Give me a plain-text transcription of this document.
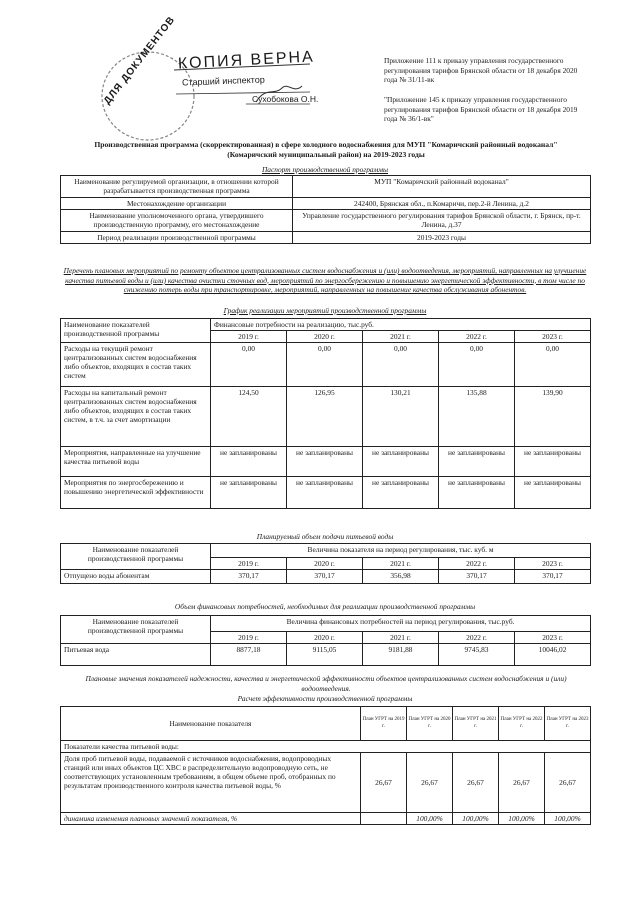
КОПИЯ ВЕРНА
Старший инспектор
Сухобокова О.Н.
ДЛЯ ДОКУМЕНТОВ	Приложение 111 к приказу управления государственного регулирования тарифов Брянской области от 18 декабря 2020 года № 31/11-вк
"Приложение 145 к приказу управления государственного регулирования тарифов Брянской области от 18 декабря 2019 года № 36/1-вк"
Производственная программа (скорректированная) в сфере холодного водоснабжения для МУП "Комаричский районный водоканал" (Комаричский муниципальный район) на 2019-2023 годы
Паспорт производственной программы
Наименование регулируемой организации, в отношении которой разрабатывается производственная программа	МУП "Комаричский районный водоканал"
Местонахождение организации	242400, Брянская обл., п.Комаричи, пер.2-й Ленина, д.2
Наименование уполномоченного органа, утвердившего производственную программу, его местонахождение	Управление государственного регулирования тарифов Брянской области, г. Брянск, пр-т. Ленина, д.37
Период реализации производственной программы	2019-2023 годы
Перечень плановых мероприятий по ремонту объектов централизованных систем водоснабжения и (или) водоотведения, мероприятий, направленных на улучшение качества питьевой воды и (или) качества очистки сточных вод, мероприятий по энергосбережению и повышению энергетической эффективности, в том числе по снижению потерь воды при транспортировке, мероприятий, направленных на повышение качества обслуживания абонентов.
График реализации мероприятий производственной программы
Наименование показателей производственной программы	Финансовые потребности на реализацию, тыс.руб.				
	2019 г.	2020 г.	2021 г.	2022 г.	2023 г.
Расходы на текущий ремонт централизованных систем водоснабжения либо объектов, входящих в состав таких систем	0,00	0,00	0,00	0,00	0,00
Расходы на капитальный ремонт централизованных систем водоснабжения либо объектов, входящих в состав таких систем, в т.ч. за счет амортизации	124,50	126,95	130,21	135,88	139,90
Мероприятия, направленные на улучшение качества питьевой воды	не запланированы	не запланированы	не запланированы	не запланированы	не запланированы
Мероприятия по энергосбережению и повышению энергетической эффективности	не запланированы	не запланированы	не запланированы	не запланированы	не запланированы
Планируемый объем подачи питьевой воды
Наименование показателей производственной программы	Величина показателя на период регулирования, тыс. куб. м				
	2019 г.	2020 г.	2021 г.	2022 г.	2023 г.
Отпущено воды абонентам	370,17	370,17	356,98	370,17	370,17
Объем финансовых потребностей, необходимых для реализации производственной программы
Наименование показателей производственной программы	Величина финансовых потребностей на период регулирования, тыс.руб.				
	2019 г.	2020 г.	2021 г.	2022 г.	2023 г.
Питьевая вода	8877,18	9115,05	9181,88	9745,83	10046,02
Плановые значения показателей надежности, качества и энергетической эффективности объектов централизованных систем водоснабжения и (или) водоотведения.
Расчет эффективности производственной программы
Наименование показателя	План УГРТ на 2019 г.	План УГРТ на 2020 г.	План УГРТ на 2021 г.	План УГРТ на 2022 г.	План УГРТ на 2023 г.
Показатели качества питьевой воды:					
Доля проб питьевой воды, подаваемой с источников водоснабжения, водопроводных станций или иных объектов ЦС ХВС в распределительную водопроводную сеть, не соответствующих установленным требованиям, в общем объеме проб, отобранных по результатам производственного контроля качества питьевой воды, %	26,67	26,67	26,67	26,67	26,67
динамика изменения плановых значений показателя, %		100,00%	100,00%	100,00%	100,00%
